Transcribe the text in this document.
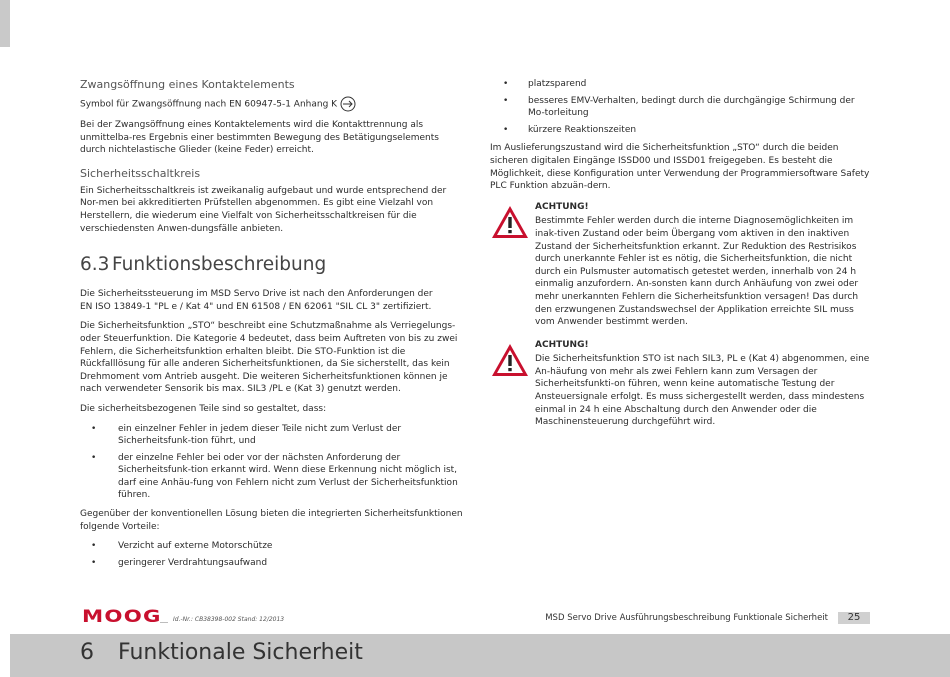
Zwangsöffnung eines Kontaktelements

Symbol für Zwangsöffnung nach EN 60947-5-1 Anhang K

Bei der Zwangsöffnung eines Kontaktelements wird die Kontakttrennung als unmittelba-res Ergebnis einer bestimmten Bewegung des Betätigungselements durch nichtelastische Glieder (keine Feder) erreicht.

Sicherheitsschaltkreis

Ein Sicherheitsschaltkreis ist zweikanalig aufgebaut und wurde entsprechend der Nor-men bei akkreditierten Prüfstellen abgenommen. Es gibt eine Vielzahl von Herstellern, die wiederum eine Vielfalt von Sicherheitsschaltkreisen für die verschiedensten Anwen-dungsfälle anbieten.

6.3 Funktionsbeschreibung

Die Sicherheitssteuerung im MSD Servo Drive ist nach den Anforderungen der
EN ISO 13849-1 "PL e / Kat 4" und EN 61508 / EN 62061 "SIL CL 3" zertifiziert.

Die Sicherheitsfunktion „STO“ beschreibt eine Schutzmaßnahme als Verriegelungs- oder Steuerfunktion. Die Kategorie 4 bedeutet, dass beim Auftreten von bis zu zwei Fehlern, die Sicherheitsfunktion erhalten bleibt. Die STO-Funktion ist die Rückfalllösung für alle anderen Sicherheitsfunktionen, da Sie sicherstellt, das kein Drehmoment vom Antrieb ausgeht. Die weiteren Sicherheitsfunktionen können je nach verwendeter Sensorik bis max. SIL3 /PL e (Kat 3) genutzt werden.

Die sicherheitsbezogenen Teile sind so gestaltet, dass:

• ein einzelner Fehler in jedem dieser Teile nicht zum Verlust der Sicherheitsfunk-tion führt, und
• der einzelne Fehler bei oder vor der nächsten Anforderung der Sicherheitsfunk-tion erkannt wird. Wenn diese Erkennung nicht möglich ist, darf eine Anhäu-fung von Fehlern nicht zum Verlust der Sicherheitsfunktion führen.

Gegenüber der konventionellen Lösung bieten die integrierten Sicherheitsfunktionen folgende Vorteile:

• Verzicht auf externe Motorschütze
• geringerer Verdrahtungsaufwand
• platzsparend
• besseres EMV-Verhalten, bedingt durch die durchgängige Schirmung der Mo-torleitung
• kürzere Reaktionszeiten

Im Auslieferungszustand wird die Sicherheitsfunktion „STO“ durch die beiden sicheren digitalen Eingänge ISSD00 und ISSD01 freigegeben. Es besteht die Möglichkeit, diese Konfiguration unter Verwendung der Programmiersoftware Safety PLC Funktion abzuän-dern.

ACHTUNG!
Bestimmte Fehler werden durch die interne Diagnosemöglichkeiten im inak-tiven Zustand oder beim Übergang vom aktiven in den inaktiven Zustand der Sicherheitsfunktion erkannt. Zur Reduktion des Restrisikos durch unerkannte Fehler ist es nötig, die Sicherheitsfunktion, die nicht durch ein Pulsmuster automatisch getestet werden, innerhalb von 24 h einmalig anzufordern. An-sonsten kann durch Anhäufung von zwei oder mehr unerkannten Fehlern die Sicherheitsfunktion versagen! Das durch den erzwungenen Zustandswechsel der Applikation erreichte SIL muss vom Anwender bestimmt werden.
ACHTUNG!
Die Sicherheitsfunktion STO ist nach SIL3, PL e (Kat 4) abgenommen, eine An-häufung von mehr als zwei Fehlern kann zum Versagen der Sicherheitsfunkti-on führen, wenn keine automatische Testung der Ansteuersignale erfolgt. Es muss sichergestellt werden, dass mindestens einmal in 24 h eine Abschaltung durch den Anwender oder die Maschinensteuerung durchgeführt wird.
MOOG Id.-Nr.: CB38398-002 Stand: 12/2013	MSD Servo Drive Ausführungsbeschreibung Funktionale Sicherheit	25
6 Funktionale Sicherheit
